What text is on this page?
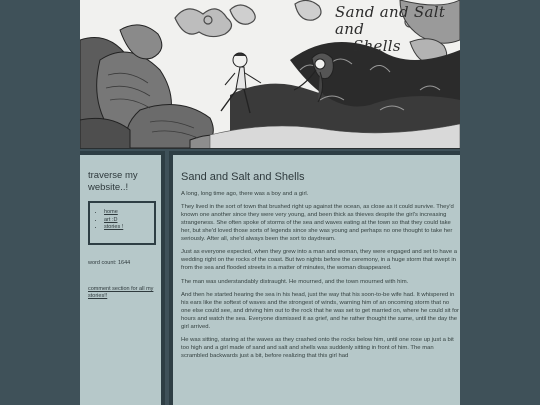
Sand and Salt and
Shells
traverse my website..!
• home
• art :D
• stories !
word count: 1644
comment section for all my stories!!
Sand and Salt and Shells

A long, long time ago, there was a boy and a girl.

They lived in the sort of town that brushed right up against the ocean, as close as it could survive. They'd known one another since they were very young, and been thick as thieves despite the girl's increasing strangeness. She often spoke of storms of the sea and waves eating at the town so that they could take her, but she'd loved those sorts of legends since she was young and perhaps no one thought to take her seriously. After all, she'd always been the sort to daydream.

Just as everyone expected, when they grew into a man and woman, they were engaged and set to have a wedding right on the rocks of the coast. But two nights before the ceremony, in a huge storm that swept in from the sea and flooded streets in a matter of minutes, the woman disappeared.

The man was understandably distraught. He mourned, and the town mourned with him.

And then he started hearing the sea in his head, just the way that his soon-to-be wife had. It whispered in his ears like the softest of waves and the strongest of winds, warning him of an oncoming storm that no one else could see, and driving him out to the rock that he was set to get married on, where he could sit for hours and watch the sea. Everyone dismissed it as grief, and he rather thought the same, until the day the girl arrived.

He was sitting, staring at the waves as they crashed onto the rocks below him, until one rose up just a bit too high and a girl made of sand and salt and shells was suddenly sitting in front of him. The man scrambled backwards just a bit, before realizing that this girl had
